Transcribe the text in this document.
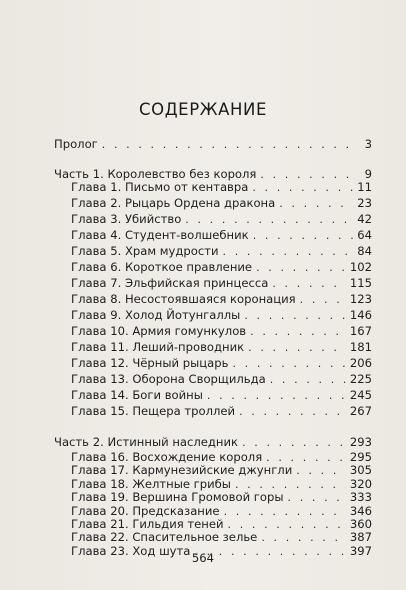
СОДЕРЖАНИЕ
Пролог . . .	3
Часть 1. Королевство без короля . . .	9
Глава 1. Письмо от кентавра . . .	11
Глава 2. Рыцарь Ордена дракона . . .	23
Глава 3. Убийство . . .	42
Глава 4. Студент-волшебник . . .	64
Глава 5. Храм мудрости . . .	84
Глава 6. Короткое правление . . .	102
Глава 7. Эльфийская принцесса . . .	115
Глава 8. Несостоявшаяся коронация . . .	123
Глава 9. Холод Йотунгаллы . . .	146
Глава 10. Армия гомункулов . . .	167
Глава 11. Леший-проводник . . .	181
Глава 12. Чёрный рыцарь . . .	206
Глава 13. Оборона Сворщильда . . .	225
Глава 14. Боги войны . . .	245
Глава 15. Пещера троллей . . .	267
Часть 2. Истинный наследник . . .	293
Глава 16. Восхождение короля . . .	295
Глава 17. Кармунезийские джунгли . . .	305
Глава 18. Желтные грибы . . .	320
Глава 19. Вершина Громовой горы . . .	333
Глава 20. Предсказание . . .	346
Глава 21. Гильдия теней . . .	360
564
Глава 22. Спасительное зелье . . .	387
Глава 23. Ход шута . . .	397
